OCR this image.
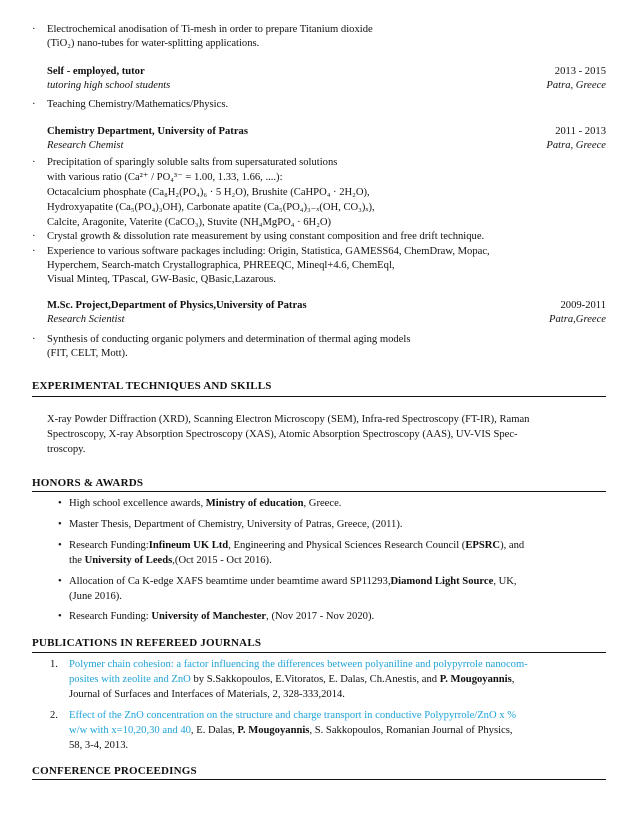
· Electrochemical anodisation of Ti-mesh in order to prepare Titanium dioxide

(TiO₂) nano-tubes for water-splitting applications.

Self - employed, tutor	2013 - 2015
tutoring high school students	Patra, Greece
· Teaching Chemistry/Mathematics/Physics.

Chemistry Department, University of Patras	2011 - 2013
Research Chemist	Patra, Greece
· Precipitation of sparingly soluble salts from supersaturated solutions

with various ratio (Ca²⁺ / PO₄³⁻ = 1.00, 1.33, 1.66, ....):

Octacalcium phosphate (Ca₈H₂(PO₄)₆ · 5 H₂O), Brushite (CaHPO₄ · 2H₂O),

Hydroxyapatite (Ca₅(PO₄)₃OH), Carbonate apatite (Ca₅(PO₄)₃₋ₓ(OH, CO₃)ₓ),

Calcite, Aragonite, Vaterite (CaCO₃), Stuvite (NH₄MgPO₄ · 6H₂O)

· Crystal growth & dissolution rate measurement by using constant composition and free drift technique.

· Experience to various software packages including: Origin, Statistica, GAMESS64, ChemDraw, Mopac,

Hyperchem, Search-match Crystallographica, PHREEQC, Mineql+4.6, ChemEql,

Visual Minteq, TPascal, GW-Basic, QBasic,Lazarous.

M.Sc. Project,Department of Physics,University of Patras	2009-2011
Research Scientist	Patra,Greece
· Synthesis of conducting organic polymers and determination of thermal aging models

(FIT, CELT, Mott).

EXPERIMENTAL TECHNIQUES AND SKILLS

X-ray Powder Diffraction (XRD), Scanning Electron Microscopy (SEM), Infra-red Spectroscopy (FT-IR), Raman

Spectroscopy, X-ray Absorption Spectroscopy (XAS), Atomic Absorption Spectroscopy (AAS), UV-VIS Spec-

troscopy.

HONORS & AWARDS
• High school excellence awards, Ministry of education, Greece.

• Master Thesis, Department of Chemistry, University of Patras, Greece, (2011).

• Research Funding:Infineum UK Ltd, Engineering and Physical Sciences Research Council (EPSRC), and

the University of Leeds,(Oct 2015 - Oct 2016).

• Allocation of Ca K-edge XAFS beamtime under beamtime award SP11293,Diamond Light Source, UK,

(June 2016).

• Research Funding: University of Manchester, (Nov 2017 - Nov 2020).

PUBLICATIONS IN REFEREED JOURNALS
1. Polymer chain cohesion: a factor influencing the differences between polyaniline and polypyrrole nanocom-

posites with zeolite and ZnO by S.Sakkopoulos, E.Vitoratos, E. Dalas, Ch.Anestis, and P. Mougoyannis,

Journal of Surfaces and Interfaces of Materials, 2, 328-333,2014.

2. Effect of the ZnO concentration on the structure and charge transport in conductive Polypyrrole/ZnO x %

w/w with x=10,20,30 and 40, E. Dalas, P. Mougoyannis, S. Sakkopoulos, Romanian Journal of Physics,

58, 3-4, 2013.

CONFERENCE PROCEEDINGS
